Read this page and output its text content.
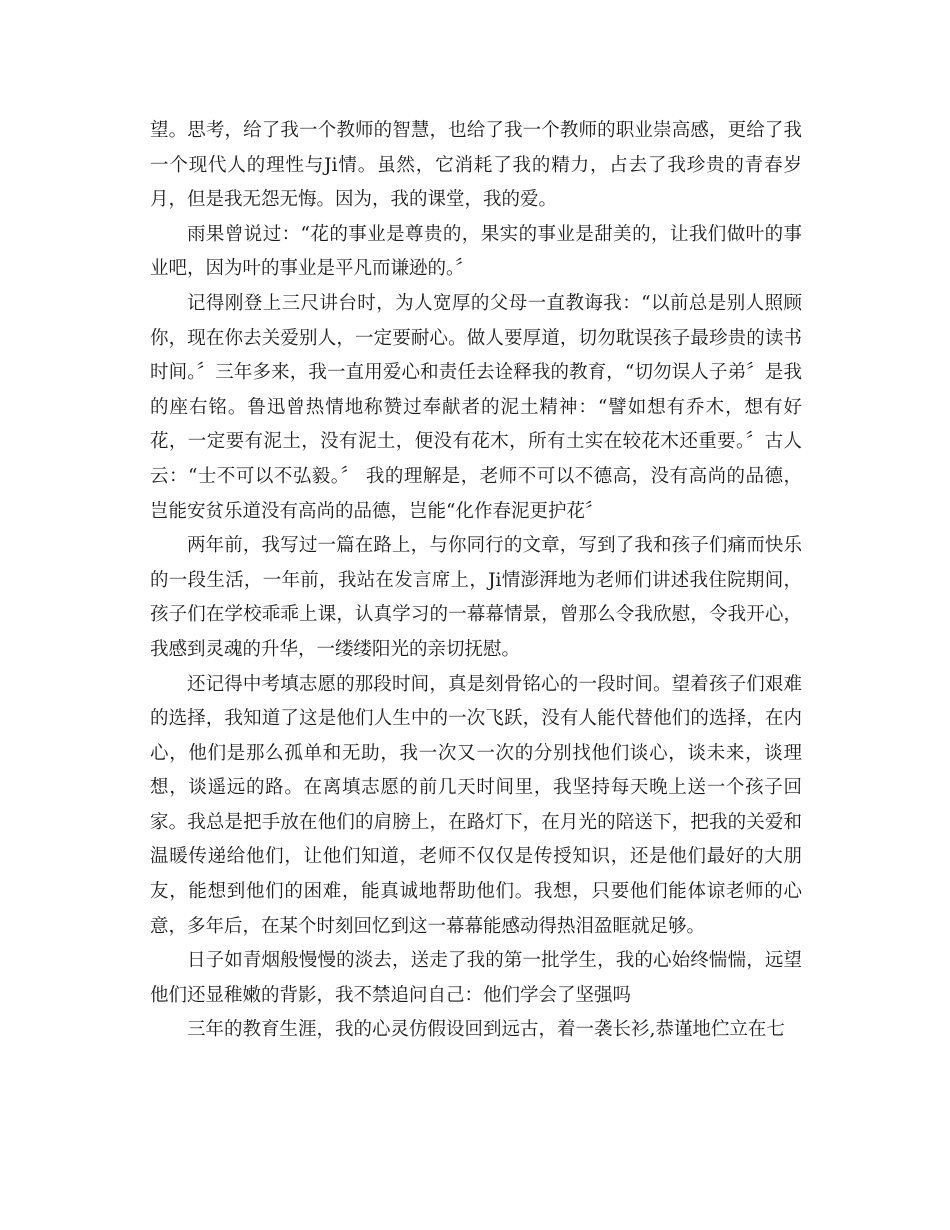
望。思考，给了我一个教师的智慧，也给了我一个教师的职业崇高感，更给了我一个现代人的理性与Ji情。虽然，它消耗了我的精力，占去了我珍贵的青春岁月，但是我无怨无悔。因为，我的课堂，我的爱。

雨果曾说过：“花的事业是尊贵的，果实的事业是甜美的，让我们做叶的事业吧，因为叶的事业是平凡而谦逊的。〞

记得刚登上三尺讲台时，为人宽厚的父母一直教诲我：“以前总是别人照顾你，现在你去关爱别人，一定要耐心。做人要厚道，切勿耽误孩子最珍贵的读书时间。〞三年多来，我一直用爱心和责任去诠释我的教育，“切勿误人子弟〞是我的座右铭。鲁迅曾热情地称赞过奉献者的泥土精神：“譬如想有乔木，想有好花，一定要有泥土，没有泥土，便没有花木，所有土实在较花木还重要。〞古人云：“士不可以不弘毅。〞 我的理解是，老师不可以不德高，没有高尚的品德，岂能安贫乐道没有高尚的品德，岂能“化作春泥更护花〞

两年前，我写过一篇在路上，与你同行的文章，写到了我和孩子们痛而快乐的一段生活，一年前，我站在发言席上，Ji情澎湃地为老师们讲述我住院期间，孩子们在学校乖乖上课，认真学习的一幕幕情景，曾那么令我欣慰，令我开心，我感到灵魂的升华，一缕缕阳光的亲切抚慰。

还记得中考填志愿的那段时间，真是刻骨铭心的一段时间。望着孩子们艰难的选择，我知道了这是他们人生中的一次飞跃，没有人能代替他们的选择，在内心，他们是那么孤单和无助，我一次又一次的分别找他们谈心，谈未来，谈理想，谈遥远的路。在离填志愿的前几天时间里，我坚持每天晚上送一个孩子回家。我总是把手放在他们的肩膀上，在路灯下，在月光的陪送下，把我的关爱和温暖传递给他们，让他们知道，老师不仅仅是传授知识，还是他们最好的大朋友，能想到他们的困难，能真诚地帮助他们。我想，只要他们能体谅老师的心意，多年后，在某个时刻回忆到这一幕幕能感动得热泪盈眶就足够。

日子如青烟般慢慢的淡去，送走了我的第一批学生，我的心始终惴惴，远望他们还显稚嫩的背影，我不禁追问自己：他们学会了坚强吗

三年的教育生涯，我的心灵仿假设回到远古，着一袭长衫,恭谨地伫立在七
